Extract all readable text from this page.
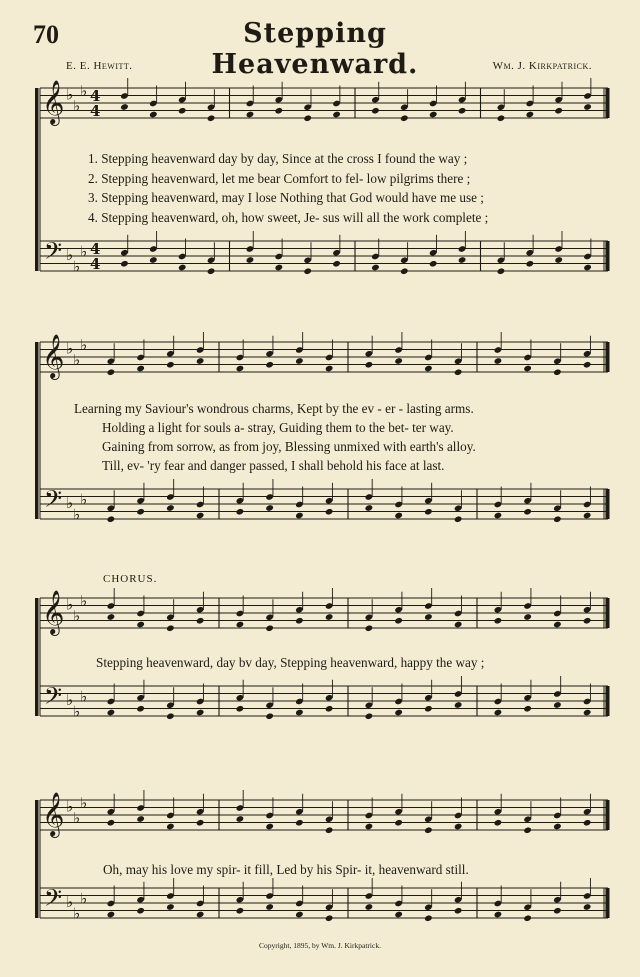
70	Stepping Heavenward.
E. E. Hewitt.	Wm. J. Kirkpatrick.
𝄞
𝄢
♭
♭
♭
♭
♭
♭
4
4
4
4
𝄞
𝄢
♭
♭
♭
♭
♭
♭
𝄞
𝄢
♭
♭
♭
♭
♭
♭
𝄞
𝄢
♭
♭
♭
♭
♭
♭
1. Stepping heavenward day by day, Since at the cross I found the way ;
2. Stepping heavenward, let me bear Comfort to fel- low pilgrims there ;
3. Stepping heavenward, may I lose Nothing that God would have me use ;
4. Stepping heavenward, oh, how sweet, Je- sus will all the work complete ;
Learning my Saviour's wondrous charms, Kept by the ev - er - lasting arms.
Holding a light for souls a- stray, Guiding them to the bet- ter way.
Gaining from sorrow, as from joy, Blessing unmixed with earth's alloy.
Till, ev- 'ry fear and danger passed, I shall behold his face at last.
CHORUS.
Stepping heavenward, day bv day, Stepping heavenward, happy the way ;
Oh, may his love my spir- it fill, Led by his Spir- it, heavenward still.
Copyright, 1895, by Wm. J. Kirkpatrick.
